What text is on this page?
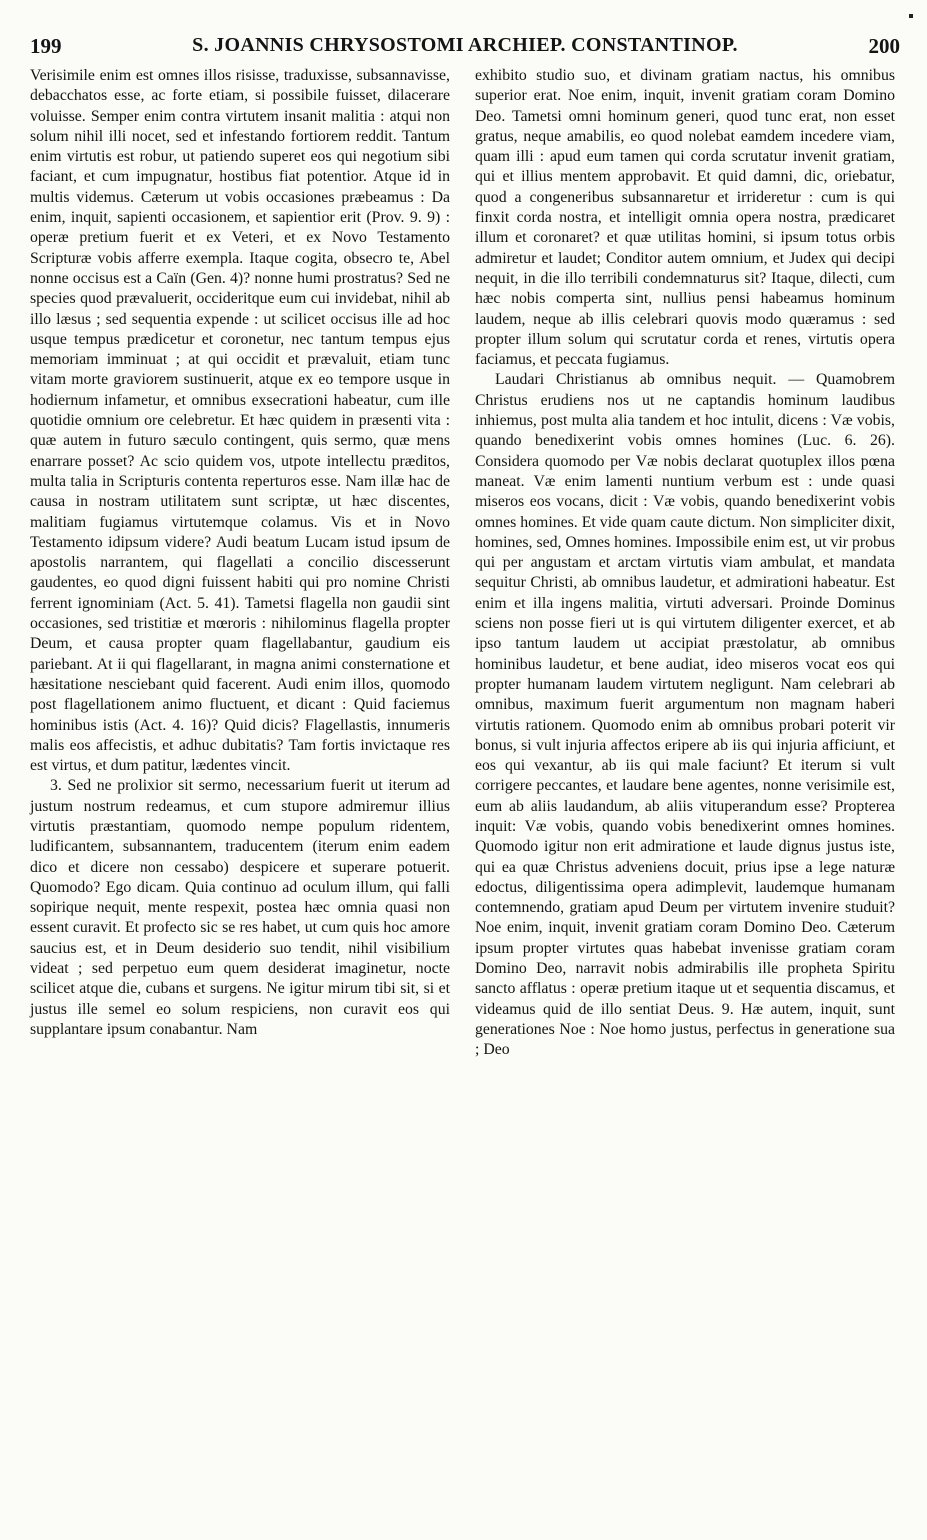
199	S. JOANNIS CHRYSOSTOMI ARCHIEP. CONSTANTINOP.	200

Verisimile enim est omnes illos risisse, traduxisse, subsannavisse, debacchatos esse, ac forte etiam, si possibile fuisset, dilacerare voluisse. Semper enim contra virtutem insanit malitia : atqui non solum nihil illi nocet, sed et infestando fortiorem reddit. Tantum enim virtutis est robur, ut patiendo superet eos qui negotium sibi faciant, et cum impugnatur, hostibus fiat potentior. Atque id in multis videmus. Cæterum ut vobis occasiones præbeamus : Da enim, inquit, sapienti occasionem, et sapientior erit (Prov. 9. 9) : operæ pretium fuerit et ex Veteri, et ex Novo Testamento Scripturæ vobis afferre exempla. Itaque cogita, obsecro te, Abel nonne occisus est a Caïn (Gen. 4)? nonne humi prostratus? Sed ne species quod prævaluerit, occideritque eum cui invidebat, nihil ab illo læsus ; sed sequentia expende : ut scilicet occisus ille ad hoc usque tempus prædicetur et coronetur, nec tantum tempus ejus memoriam imminuat ; at qui occidit et prævaluit, etiam tunc vitam morte graviorem sustinuerit, atque ex eo tempore usque in hodiernum infametur, et omnibus exsecrationi habeatur, cum ille quotidie omnium ore celebretur. Et hæc quidem in præsenti vita : quæ autem in futuro sæculo contingent, quis sermo, quæ mens enarrare posset? Ac scio quidem vos, utpote intellectu præditos, multa talia in Scripturis contenta reperturos esse. Nam illæ hac de causa in nostram utilitatem sunt scriptæ, ut hæc discentes, malitiam fugiamus virtutemque colamus. Vis et in Novo Testamento idipsum videre? Audi beatum Lucam istud ipsum de apostolis narrantem, qui flagellati a concilio discesserunt gaudentes, eo quod digni fuissent habiti qui pro nomine Christi ferrent ignominiam (Act. 5. 41). Tametsi flagella non gaudii sint occasiones, sed tristitiæ et mœroris : nihilominus flagella propter Deum, et causa propter quam flagellabantur, gaudium eis pariebant. At ii qui flagellarant, in magna animi consternatione et hæsitatione nesciebant quid facerent. Audi enim illos, quomodo post flagellationem animo fluctuent, et dicant : Quid faciemus hominibus istis (Act. 4. 16)? Quid dicis? Flagellastis, innumeris malis eos affecistis, et adhuc dubitatis? Tam fortis invictaque res est virtus, et dum patitur, lædentes vincit.

3. Sed ne prolixior sit sermo, necessarium fuerit ut iterum ad justum nostrum redeamus, et cum stupore admiremur illius virtutis præstantiam, quomodo nempe populum ridentem, ludificantem, subsannantem, traducentem (iterum enim eadem dico et dicere non cessabo) despicere et superare potuerit. Quomodo? Ego dicam. Quia continuo ad oculum illum, qui falli sopirique nequit, mente respexit, postea hæc omnia quasi non essent curavit. Et profecto sic se res habet, ut cum quis hoc amore saucius est, et in Deum desiderio suo tendit, nihil visibilium videat ; sed perpetuo eum quem desiderat imaginetur, nocte scilicet atque die, cubans et surgens. Ne igitur mirum tibi sit, si et justus ille semel eo solum respiciens, non curavit eos qui supplantare ipsum conabantur. Nam

exhibito studio suo, et divinam gratiam nactus, his omnibus superior erat. Noe enim, inquit, invenit gratiam coram Domino Deo. Tametsi omni hominum generi, quod tunc erat, non esset gratus, neque amabilis, eo quod nolebat eamdem incedere viam, quam illi : apud eum tamen qui corda scrutatur invenit gratiam, qui et illius mentem approbavit. Et quid damni, dic, oriebatur, quod a congeneribus subsannaretur et irrideretur : cum is qui finxit corda nostra, et intelligit omnia opera nostra, prædicaret illum et coronaret? et quæ utilitas homini, si ipsum totus orbis admiretur et laudet; Conditor autem omnium, et Judex qui decipi nequit, in die illo terribili condemnaturus sit? Itaque, dilecti, cum hæc nobis comperta sint, nullius pensi habeamus hominum laudem, neque ab illis celebrari quovis modo quæramus : sed propter illum solum qui scrutatur corda et renes, virtutis opera faciamus, et peccata fugiamus.

Laudari Christianus ab omnibus nequit. — Quamobrem Christus erudiens nos ut ne captandis hominum laudibus inhiemus, post multa alia tandem et hoc intulit, dicens : Væ vobis, quando benedixerint vobis omnes homines (Luc. 6. 26). Considera quomodo per Væ nobis declarat quotuplex illos pœna maneat. Væ enim lamenti nuntium verbum est : unde quasi miseros eos vocans, dicit : Væ vobis, quando benedixerint vobis omnes homines. Et vide quam caute dictum. Non simpliciter dixit, homines, sed, Omnes homines. Impossibile enim est, ut vir probus qui per angustam et arctam virtutis viam ambulat, et mandata sequitur Christi, ab omnibus laudetur, et admirationi habeatur. Est enim et illa ingens malitia, virtuti adversari. Proinde Dominus sciens non posse fieri ut is qui virtutem diligenter exercet, et ab ipso tantum laudem ut accipiat præstolatur, ab omnibus hominibus laudetur, et bene audiat, ideo miseros vocat eos qui propter humanam laudem virtutem negligunt. Nam celebrari ab omnibus, maximum fuerit argumentum non magnam haberi virtutis rationem. Quomodo enim ab omnibus probari poterit vir bonus, si vult injuria affectos eripere ab iis qui injuria afficiunt, et eos qui vexantur, ab iis qui male faciunt? Et iterum si vult corrigere peccantes, et laudare bene agentes, nonne verisimile est, eum ab aliis laudandum, ab aliis vituperandum esse? Propterea inquit: Væ vobis, quando vobis benedixerint omnes homines. Quomodo igitur non erit admiratione et laude dignus justus iste, qui ea quæ Christus adveniens docuit, prius ipse a lege naturæ edoctus, diligentissima opera adimplevit, laudemque humanam contemnendo, gratiam apud Deum per virtutem invenire studuit? Noe enim, inquit, invenit gratiam coram Domino Deo. Cæterum ipsum propter virtutes quas habebat invenisse gratiam coram Domino Deo, narravit nobis admirabilis ille propheta Spiritu sancto afflatus : operæ pretium itaque ut et sequentia discamus, et videamus quid de illo sentiat Deus. 9. Hæ autem, inquit, sunt generationes Noe : Noe homo justus, perfectus in generatione sua ; Deo
